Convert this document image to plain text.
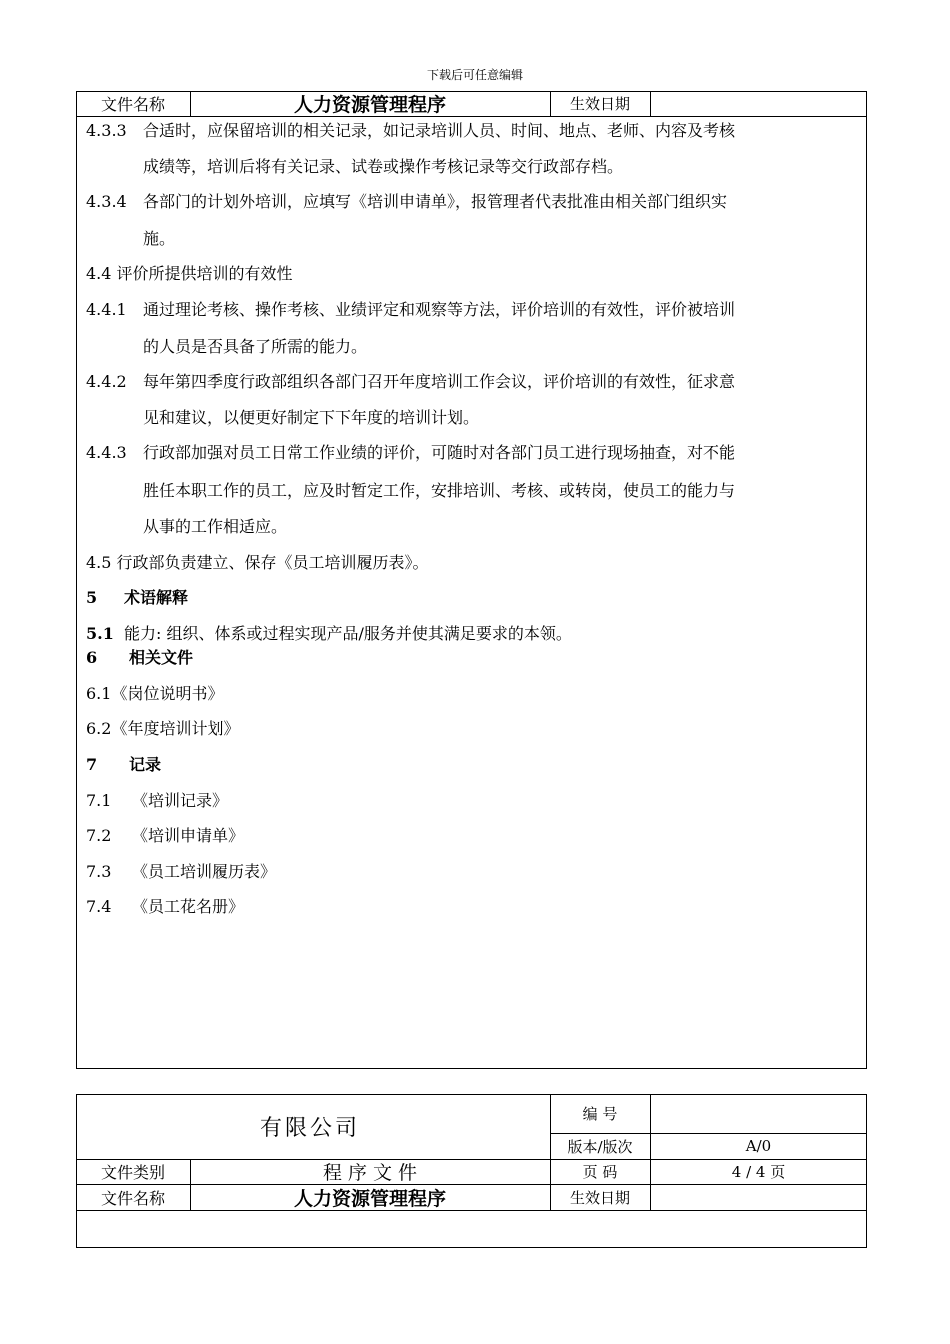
下载后可任意编辑
文件名称	人力资源管理程序	生效日期
4.3.3 合适时，应保留培训的相关记录，如记录培训人员、时间、地点、老师、内容及考核
成绩等，培训后将有关记录、试卷或操作考核记录等交行政部存档。
4.3.4 各部门的计划外培训，应填写《培训申请单》，报管理者代表批准由相关部门组织实
施。
4.4 评价所提供培训的有效性
4.4.1 通过理论考核、操作考核、业绩评定和观察等方法，评价培训的有效性，评价被培训
的人员是否具备了所需的能力。
4.4.2 每年第四季度行政部组织各部门召开年度培训工作会议，评价培训的有效性，征求意
见和建议，以便更好制定下下年度的培训计划。
4.4.3 行政部加强对员工日常工作业绩的评价，可随时对各部门员工进行现场抽查，对不能
胜任本职工作的员工，应及时暂定工作，安排培训、考核、或转岗，使员工的能力与
从事的工作相适应。
4.5 行政部负责建立、保存《员工培训履历表》。
5 术语解释
5.1 能力: 组织、体系或过程实现产品/服务并使其满足要求的本领。
6 相关文件
6.1《岗位说明书》
6.2《年度培训计划》
7 记录
7.1 《培训记录》
7.2 《培训申请单》
7.3 《员工培训履历表》
7.4 《员工花名册》
有限公司
编 号
版本/版次	A/0
文件类别	程 序 文 件	页 码	4 / 4 页
文件名称	人力资源管理程序	生效日期
